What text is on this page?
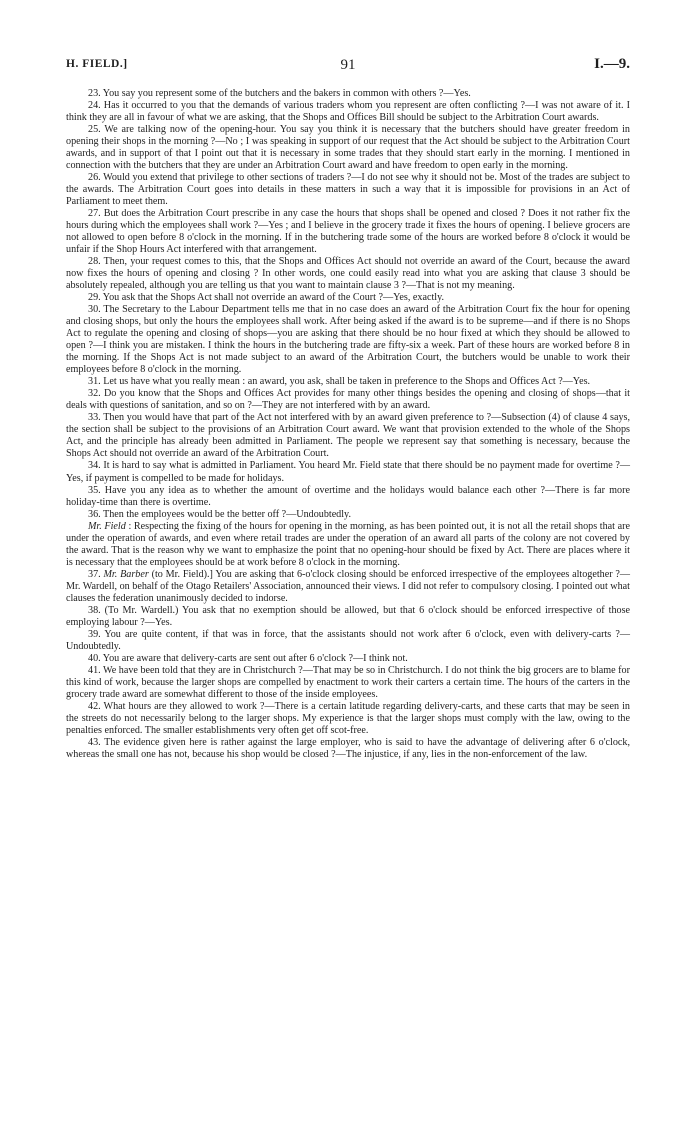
H. FIELD.]	91	I.—9.

23. You say you represent some of the butchers and the bakers in common with others ?—Yes.

24. Has it occurred to you that the demands of various traders whom you represent are often conflicting ?—I was not aware of it. I think they are all in favour of what we are asking, that the Shops and Offices Bill should be subject to the Arbitration Court awards.

25. We are talking now of the opening-hour. You say you think it is necessary that the butchers should have greater freedom in opening their shops in the morning ?—No ; I was speaking in support of our request that the Act should be subject to the Arbitration Court awards, and in support of that I point out that it is necessary in some trades that they should start early in the morning. I mentioned in connection with the butchers that they are under an Arbitration Court award and have freedom to open early in the morning.

26. Would you extend that privilege to other sections of traders ?—I do not see why it should not be. Most of the trades are subject to the awards. The Arbitration Court goes into details in these matters in such a way that it is impossible for provisions in an Act of Parliament to meet them.

27. But does the Arbitration Court prescribe in any case the hours that shops shall be opened and closed ? Does it not rather fix the hours during which the employees shall work ?—Yes ; and I believe in the grocery trade it fixes the hours of opening. I believe grocers are not allowed to open before 8 o'clock in the morning. If in the butchering trade some of the hours are worked before 8 o'clock it would be unfair if the Shop Hours Act interfered with that arrangement.

28. Then, your request comes to this, that the Shops and Offices Act should not override an award of the Court, because the award now fixes the hours of opening and closing ? In other words, one could easily read into what you are asking that clause 3 should be absolutely repealed, although you are telling us that you want to maintain clause 3 ?—That is not my meaning.

29. You ask that the Shops Act shall not override an award of the Court ?—Yes, exactly.

30. The Secretary to the Labour Department tells me that in no case does an award of the Arbitration Court fix the hour for opening and closing shops, but only the hours the employees shall work. After being asked if the award is to be supreme—and if there is no Shops Act to regulate the opening and closing of shops—you are asking that there should be no hour fixed at which they should be allowed to open ?—I think you are mistaken. I think the hours in the butchering trade are fifty-six a week. Part of these hours are worked before 8 in the morning. If the Shops Act is not made subject to an award of the Arbitration Court, the butchers would be unable to work their employees before 8 o'clock in the morning.

31. Let us have what you really mean : an award, you ask, shall be taken in preference to the Shops and Offices Act ?—Yes.

32. Do you know that the Shops and Offices Act provides for many other things besides the opening and closing of shops—that it deals with questions of sanitation, and so on ?—They are not interfered with by an award.

33. Then you would have that part of the Act not interfered with by an award given preference to ?—Subsection (4) of clause 4 says, the section shall be subject to the provisions of an Arbitration Court award. We want that provision extended to the whole of the Shops Act, and the principle has already been admitted in Parliament. The people we represent say that something is necessary, because the Shops Act should not override an award of the Arbitration Court.

34. It is hard to say what is admitted in Parliament. You heard Mr. Field state that there should be no payment made for overtime ?—Yes, if payment is compelled to be made for holidays.

35. Have you any idea as to whether the amount of overtime and the holidays would balance each other ?—There is far more holiday-time than there is overtime.

36. Then the employees would be the better off ?—Undoubtedly.

Mr. Field : Respecting the fixing of the hours for opening in the morning, as has been pointed out, it is not all the retail shops that are under the operation of awards, and even where retail trades are under the operation of an award all parts of the colony are not covered by the award. That is the reason why we want to emphasize the point that no opening-hour should be fixed by Act. There are places where it is necessary that the employees should be at work before 8 o'clock in the morning.

37. Mr. Barber (to Mr. Field).] You are asking that 6-o'clock closing should be enforced irrespective of the employees altogether ?—Mr. Wardell, on behalf of the Otago Retailers' Association, announced their views. I did not refer to compulsory closing. I pointed out what clauses the federation unanimously decided to indorse.

38. (To Mr. Wardell.) You ask that no exemption should be allowed, but that 6 o'clock should be enforced irrespective of those employing labour ?—Yes.

39. You are quite content, if that was in force, that the assistants should not work after 6 o'clock, even with delivery-carts ?—Undoubtedly.

40. You are aware that delivery-carts are sent out after 6 o'clock ?—I think not.

41. We have been told that they are in Christchurch ?—That may be so in Christchurch. I do not think the big grocers are to blame for this kind of work, because the larger shops are compelled by enactment to work their carters a certain time. The hours of the carters in the grocery trade award are somewhat different to those of the inside employees.

42. What hours are they allowed to work ?—There is a certain latitude regarding delivery-carts, and these carts that may be seen in the streets do not necessarily belong to the larger shops. My experience is that the larger shops must comply with the law, owing to the penalties enforced. The smaller establishments very often get off scot-free.

43. The evidence given here is rather against the large employer, who is said to have the advantage of delivering after 6 o'clock, whereas the small one has not, because his shop would be closed ?—The injustice, if any, lies in the non-enforcement of the law.
